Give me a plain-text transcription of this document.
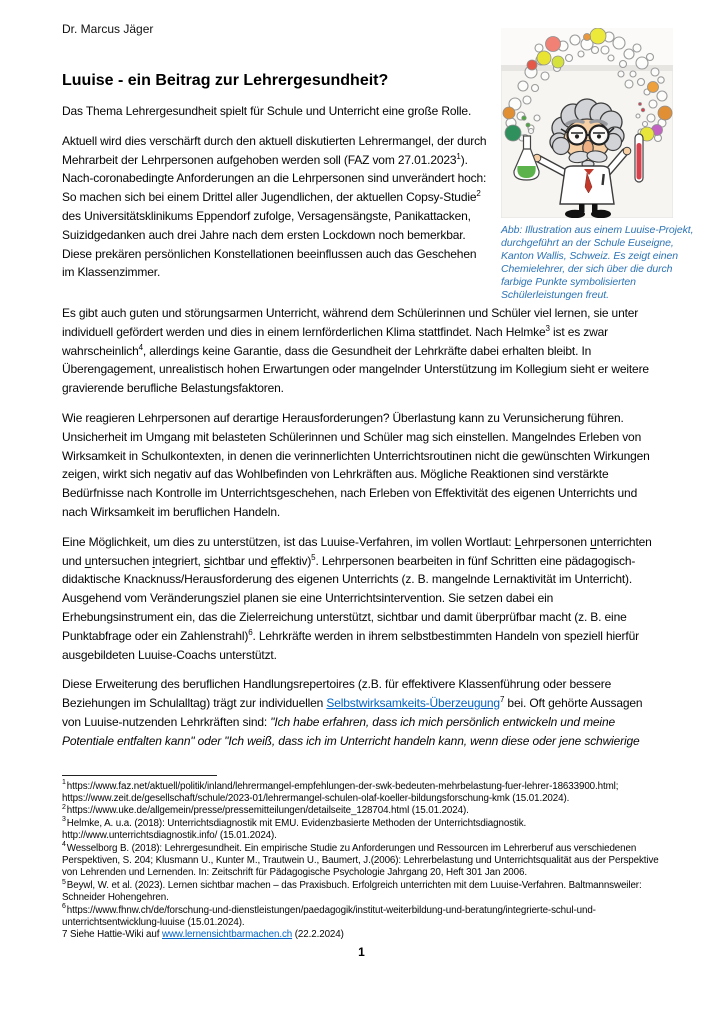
Abb: Illustration aus einem Luuise-Projekt, durchgeführt an der Schule Euseigne, Kanton Wallis, Schweiz. Es zeigt einen Chemielehrer, der sich über die durch farbige Punkte symbolisierten Schülerleistungen freut.
Dr. Marcus Jäger
Luuise - ein Beitrag zur Lehrergesundheit?

Das Thema Lehrergesundheit spielt für Schule und Unterricht eine große Rolle.

Aktuell wird dies verschärft durch den aktuell diskutierten Lehrermangel, der durch Mehrarbeit der Lehrpersonen aufgehoben werden soll (FAZ vom 27.01.2023$^1$). Nach-coronabedingte Anforderungen an die Lehrpersonen sind unverändert hoch: So machen sich bei einem Drittel aller Jugendlichen, der aktuellen Copsy-Studie$^2$ des Universitätsklinikums Eppendorf zufolge, Versagensängste, Panikattacken, Suizidgedanken auch drei Jahre nach dem ersten Lockdown noch bemerkbar. Diese prekären persönlichen Konstellationen beeinflussen auch das Geschehen im Klassenzimmer.

Es gibt auch guten und störungsarmen Unterricht, während dem Schülerinnen und Schüler viel lernen, sie unter individuell gefördert werden und dies in einem lernförderlichen Klima stattfindet. Nach Helmke$^3$ ist es zwar wahrscheinlich$^4$, allerdings keine Garantie, dass die Gesundheit der Lehrkräfte dabei erhalten bleibt. In Überengagement, unrealistisch hohen Erwartungen oder mangelnder Unterstützung im Kollegium sieht er weitere gravierende berufliche Belastungsfaktoren.

Wie reagieren Lehrpersonen auf derartige Herausforderungen? Überlastung kann zu Verunsicherung führen. Unsicherheit im Umgang mit belasteten Schülerinnen und Schüler mag sich einstellen. Mangelndes Erleben von Wirksamkeit in Schulkontexten, in denen die verinnerlichten Unterrichtsroutinen nicht die gewünschten Wirkungen zeigen, wirkt sich negativ auf das Wohlbefinden von Lehrkräften aus. Mögliche Reaktionen sind verstärkte Bedürfnisse nach Kontrolle im Unterrichtsgeschehen, nach Erleben von Effektivität des eigenen Unterrichts und nach Wirksamkeit im beruflichen Handeln.

Eine Möglichkeit, um dies zu unterstützen, ist das Luuise-Verfahren, im vollen Wortlaut: Lehrpersonen unterrichten und untersuchen integriert, sichtbar und effektiv)$^5$. Lehrpersonen bearbeiten in fünf Schritten eine pädagogisch-didaktische Knacknuss/Herausforderung des eigenen Unterrichts (z. B. mangelnde Lernaktivität im Unterricht). Ausgehend vom Veränderungsziel planen sie eine Unterrichtsintervention. Sie setzen dabei ein Erhebungsinstrument ein, das die Zielerreichung unterstützt, sichtbar und damit überprüfbar macht (z. B. eine Punktabfrage oder ein Zahlenstrahl)$^6$. Lehrkräfte werden in ihrem selbstbestimmten Handeln von speziell hierfür ausgebildeten Luuise-Coachs unterstützt.

Diese Erweiterung des beruflichen Handlungsrepertoires (z.B. für effektivere Klassenführung oder bessere Beziehungen im Schulalltag) trägt zur individuellen Selbstwirksamkeits-Überzeugung$^7$ bei. Oft gehörte Aussagen von Luuise-nutzenden Lehrkräften sind: "Ich habe erfahren, dass ich mich persönlich entwickeln und meine Potentiale entfalten kann" oder "Ich weiß, dass ich im Unterricht handeln kann, wenn diese oder jene schwierige

$^1$https://www.faz.net/aktuell/politik/inland/lehrermangel-empfehlungen-der-swk-bedeuten-mehrbelastung-fuer-lehrer-18633900.html; https://www.zeit.de/gesellschaft/schule/2023-01/lehrermangel-schulen-olaf-koeller-bildungsforschung-kmk (15.01.2024).
$^2$https://www.uke.de/allgemein/presse/pressemitteilungen/detailseite_128704.html (15.01.2024).
$^3$Helmke, A. u.a. (2018): Unterrichtsdiagnostik mit EMU. Evidenzbasierte Methoden der Unterrichtsdiagnostik. http://www.unterrichtsdiagnostik.info/ (15.01.2024).
$^4$Wesselborg B. (2018): Lehrergesundheit. Ein empirische Studie zu Anforderungen und Ressourcen im Lehrerberuf aus verschiedenen Perspektiven, S. 204; Klusmann U., Kunter M., Trautwein U., Baumert, J.(2006): Lehrerbelastung und Unterrichtsqualität aus der Perspektive von Lehrenden und Lernenden. In: Zeitschrift für Pädagogische Psychologie Jahrgang 20, Heft 301 Jan 2006.
$^5$Beywl, W. et al. (2023). Lernen sichtbar machen – das Praxisbuch. Erfolgreich unterrichten mit dem Luuise-Verfahren. Baltmannsweiler: Schneider Hohengehren.
$^6$https://www.fhnw.ch/de/forschung-und-dienstleistungen/paedagogik/institut-weiterbildung-und-beratung/integrierte-schul-und-unterrichtsentwicklung-luuise (15.01.2024).
7 Siehe Hattie-Wiki auf www.lernensichtbarmachen.ch (22.2.2024)
1
